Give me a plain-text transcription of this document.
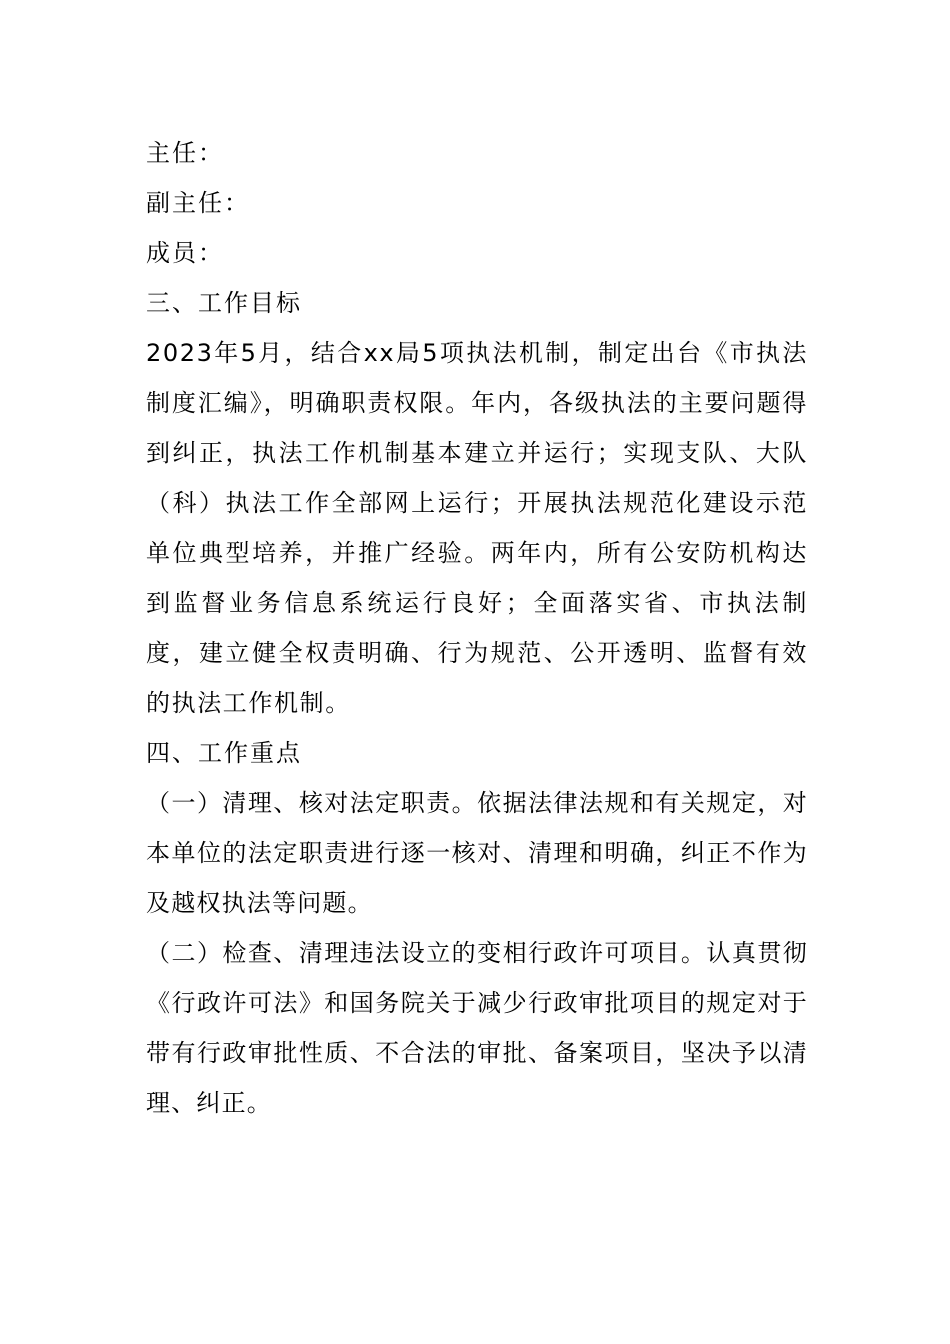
主任：
副主任：
成员：
三、工作目标
2023年5月，结合xx局5项执法机制，制定出台《市执法制度汇编》，明确职责权限。年内，各级执法的主要问题得到纠正，执法工作机制基本建立并运行；实现支队、大队（科）执法工作全部网上运行；开展执法规范化建设示范单位典型培养，并推广经验。两年内，所有公安防机构达到监督业务信息系统运行良好；全面落实省、市执法制度，建立健全权责明确、行为规范、公开透明、监督有效的执法工作机制。
四、工作重点
（一）清理、核对法定职责。依据法律法规和有关规定，对本单位的法定职责进行逐一核对、清理和明确，纠正不作为及越权执法等问题。
（二）检查、清理违法设立的变相行政许可项目。认真贯彻《行政许可法》和国务院关于减少行政审批项目的规定对于带有行政审批性质、不合法的审批、备案项目，坚决予以清理、纠正。
